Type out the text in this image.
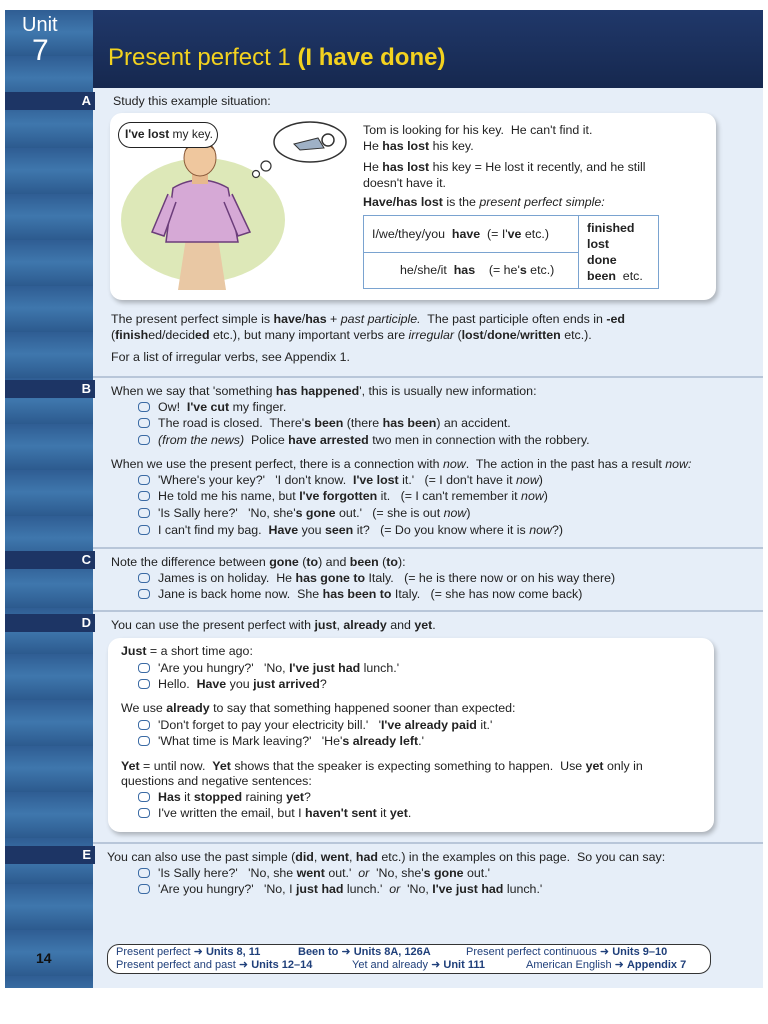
Unit
7 Present perfect 1 (I have done)
A
B
C
D
E
Study this example situation:
I've lost my key.	Tom is looking for his key.  He can't find it.
He has lost his key.
He has lost his key = He lost it recently, and he still
doesn't have it.
Have/has lost is the present perfect simple:
I/we/they/you  have  (= I've etc.)
he/she/it  has    (= he's etc.)
finished
lost
done
been  etc.
The present perfect simple is have/has + past participle.  The past participle often ends in -ed
(finished/decided etc.), but many important verbs are irregular (lost/done/written etc.).
For a list of irregular verbs, see Appendix 1.
When we say that 'something has happened', this is usually new information:
Ow!  I've cut my finger.
The road is closed.  There's been (there has been) an accident.
(from the news)  Police have arrested two men in connection with the robbery.
When we use the present perfect, there is a connection with now.  The action in the past has a result now:
'Where's your key?'   'I don't know.  I've lost it.'   (= I don't have it now)
He told me his name, but I've forgotten it.   (= I can't remember it now)
'Is Sally here?'   'No, she's gone out.'   (= she is out now)
I can't find my bag.  Have you seen it?   (= Do you know where it is now?)
Note the difference between gone (to) and been (to):
James is on holiday.  He has gone to Italy.   (= he is there now or on his way there)
Jane is back home now.  She has been to Italy.   (= she has now come back)
You can use the present perfect with just, already and yet.
Just = a short time ago:
'Are you hungry?'   'No, I've just had lunch.'
Hello.  Have you just arrived?
We use already to say that something happened sooner than expected:
'Don't forget to pay your electricity bill.'   'I've already paid it.'
'What time is Mark leaving?'   'He's already left.'
Yet = until now.  Yet shows that the speaker is expecting something to happen.  Use yet only in
questions and negative sentences:
Has it stopped raining yet?
I've written the email, but I haven't sent it yet.
You can also use the past simple (did, went, had etc.) in the examples on this page.  So you can say:
'Is Sally here?'   'No, she went out.'  or  'No, she's gone out.'
'Are you hungry?'   'No, I just had lunch.'  or  'No, I've just had lunch.'
Present perfect ➜ Units 8, 11	Been to ➜ Units 8A, 126A	Present perfect continuous ➜ Units 9–10
Present perfect and past ➜ Units 12–14	Yet and already ➜ Unit 111	American English ➜ Appendix 7
14
